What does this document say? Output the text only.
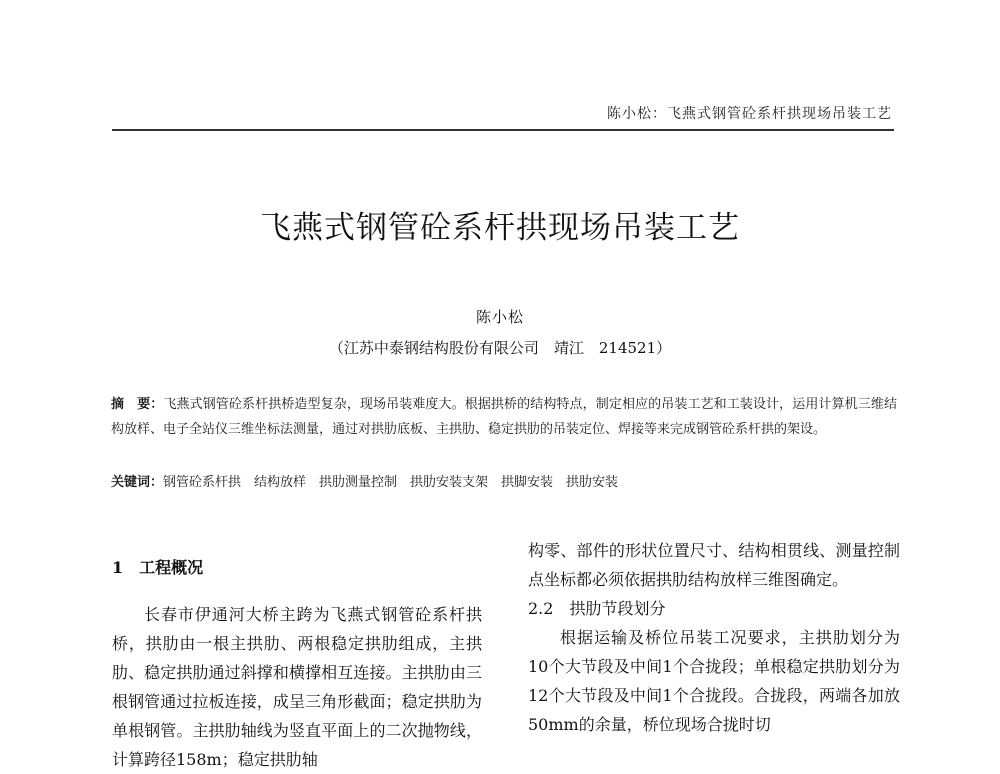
陈小松：飞燕式钢管砼系杆拱现场吊装工艺
飞燕式钢管砼系杆拱现场吊装工艺
陈小松
（江苏中泰钢结构股份有限公司　靖江　214521）
摘　要：飞燕式钢管砼系杆拱桥造型复杂，现场吊装难度大。根据拱桥的结构特点，制定相应的吊装工艺和工装设计，运用计算机三维结构放样、电子全站仪三维坐标法测量，通过对拱肋底板、主拱肋、稳定拱肋的吊装定位、焊接等来完成钢管砼系杆拱的架设。
关键词：钢管砼系杆拱　结构放样　拱肋测量控制　拱肋安装支架　拱脚安装　拱肋安装
1　工程概况

长春市伊通河大桥主跨为飞燕式钢管砼系杆拱桥，拱肋由一根主拱肋、两根稳定拱肋组成，主拱肋、稳定拱肋通过斜撑和横撑相互连接。主拱肋由三根钢管通过拉板连接，成呈三角形截面；稳定拱肋为单根钢管。主拱肋轴线为竖直平面上的二次抛物线，计算跨径158m；稳定拱肋轴

构零、部件的形状位置尺寸、结构相贯线、测量控制点坐标都必须依据拱肋结构放样三维图确定。

2.2　拱肋节段划分

根据运输及桥位吊装工况要求，主拱肋划分为10个大节段及中间1个合拢段；单根稳定拱肋划分为12个大节段及中间1个合拢段。合拢段，两端各加放50mm的余量，桥位现场合拢时切
